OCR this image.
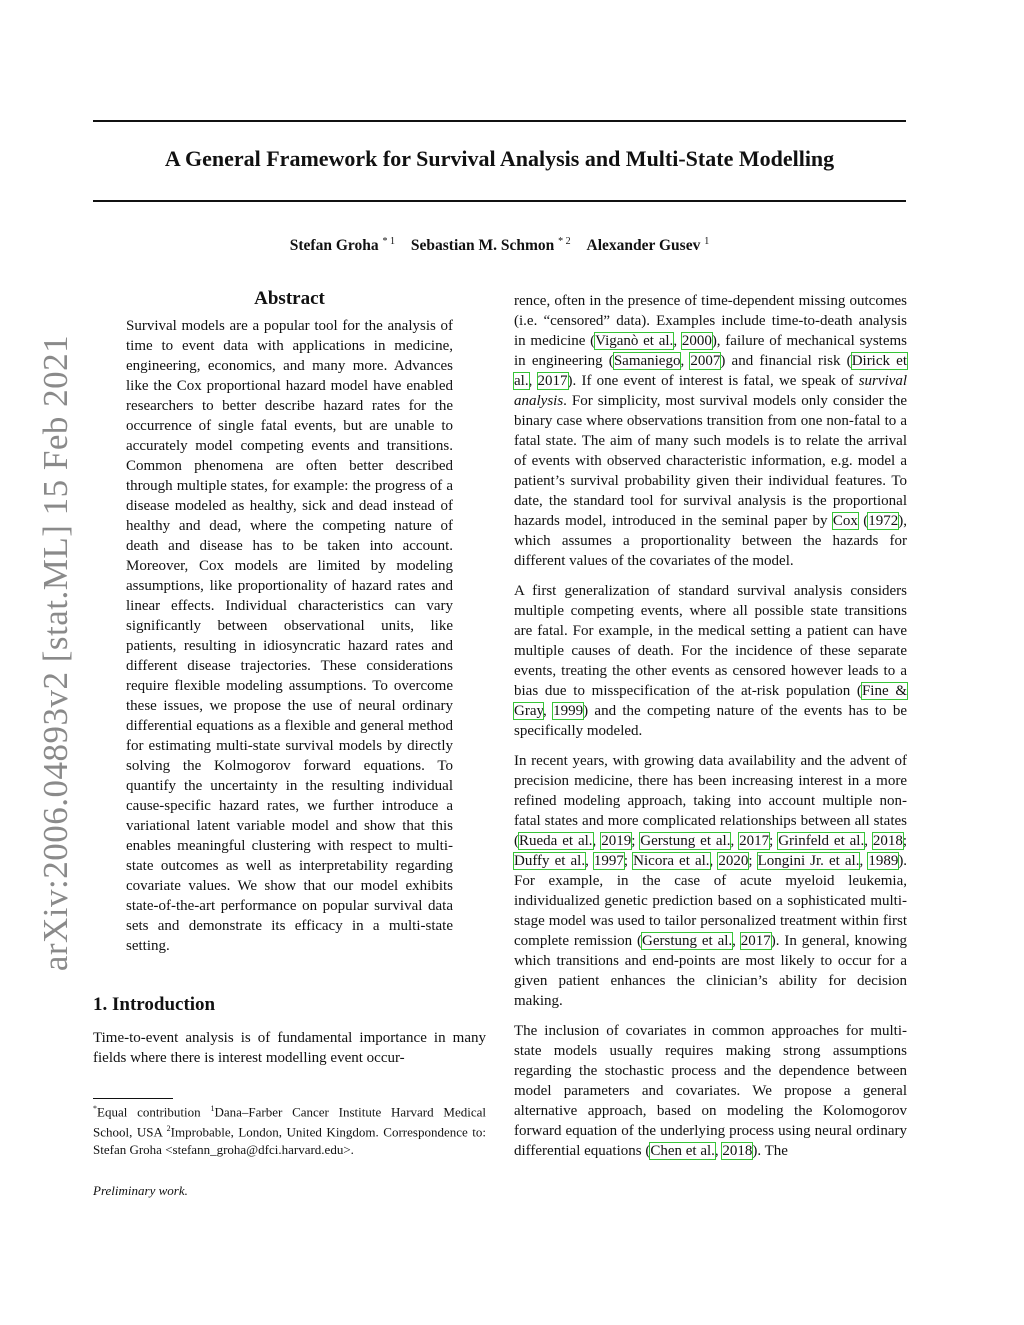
arXiv:2006.04893v2 [stat.ML] 15 Feb 2021
A General Framework for Survival Analysis and Multi-State Modelling
Stefan Groha $^{* 1}$ Sebastian M. Schmon $^{* 2}$ Alexander Gusev $^1$
Abstract
Survival models are a popular tool for the analysis of time to event data with applications in medicine, engineering, economics, and many more. Advances like the Cox proportional hazard model have enabled researchers to better describe hazard rates for the occurrence of single fatal events, but are unable to accurately model competing events and transitions. Common phenomena are often better described through multiple states, for example: the progress of a disease modeled as healthy, sick and dead instead of healthy and dead, where the competing nature of death and disease has to be taken into account. Moreover, Cox models are limited by modeling assumptions, like proportionality of hazard rates and linear effects. Individual characteristics can vary significantly between observational units, like patients, resulting in idiosyncratic hazard rates and different disease trajectories. These considerations require flexible modeling assumptions. To overcome these issues, we propose the use of neural ordinary differential equations as a flexible and general method for estimating multi-state survival models by directly solving the Kolmogorov forward equations. To quantify the uncertainty in the resulting individual cause-specific hazard rates, we further introduce a variational latent variable model and show that this enables meaningful clustering with respect to multi-state outcomes as well as interpretability regarding covariate values. We show that our model exhibits state-of-the-art performance on popular survival data sets and demonstrate its efficacy in a multi-state setting.
1. Introduction
Time-to-event analysis is of fundamental importance in many fields where there is interest modelling event occur-
*Equal contribution $^1$Dana–Farber Cancer Institute Harvard Medical School, USA $^2$Improbable, London, United Kingdom. Correspondence to: Stefan Groha <stefann_groha@dfci.harvard.edu>.
Preliminary work.

rence, often in the presence of time-dependent missing outcomes (i.e. “censored” data). Examples include time-to-death analysis in medicine (Viganò et al., 2000), failure of mechanical systems in engineering (Samaniego, 2007) and financial risk (Dirick et al., 2017). If one event of interest is fatal, we speak of survival analysis. For simplicity, most survival models only consider the binary case where observations transition from one non-fatal to a fatal state. The aim of many such models is to relate the arrival of events with observed characteristic information, e.g. model a patient’s survival probability given their individual features. To date, the standard tool for survival analysis is the proportional hazards model, introduced in the seminal paper by Cox (1972), which assumes a proportionality between the hazards for different values of the covariates of the model.

A first generalization of standard survival analysis considers multiple competing events, where all possible state transitions are fatal. For example, in the medical setting a patient can have multiple causes of death. For the incidence of these separate events, treating the other events as censored however leads to a bias due to misspecification of the at-risk population (Fine & Gray, 1999) and the competing nature of the events has to be specifically modeled.

In recent years, with growing data availability and the advent of precision medicine, there has been increasing interest in a more refined modeling approach, taking into account multiple non-fatal states and more complicated relationships between all states (Rueda et al., 2019; Gerstung et al., 2017; Grinfeld et al., 2018; Duffy et al., 1997; Nicora et al., 2020; Longini Jr. et al., 1989). For example, in the case of acute myeloid leukemia, individualized genetic prediction based on a sophisticated multi-stage model was used to tailor personalized treatment within first complete remission (Gerstung et al., 2017). In general, knowing which transitions and end-points are most likely to occur for a given patient enhances the clinician’s ability for decision making.

The inclusion of covariates in common approaches for multi-state models usually requires making strong assumptions regarding the stochastic process and the dependence between model parameters and covariates. We propose a general alternative approach, based on modeling the Kolomogorov forward equation of the underlying process using neural ordinary differential equations (Chen et al., 2018). The
